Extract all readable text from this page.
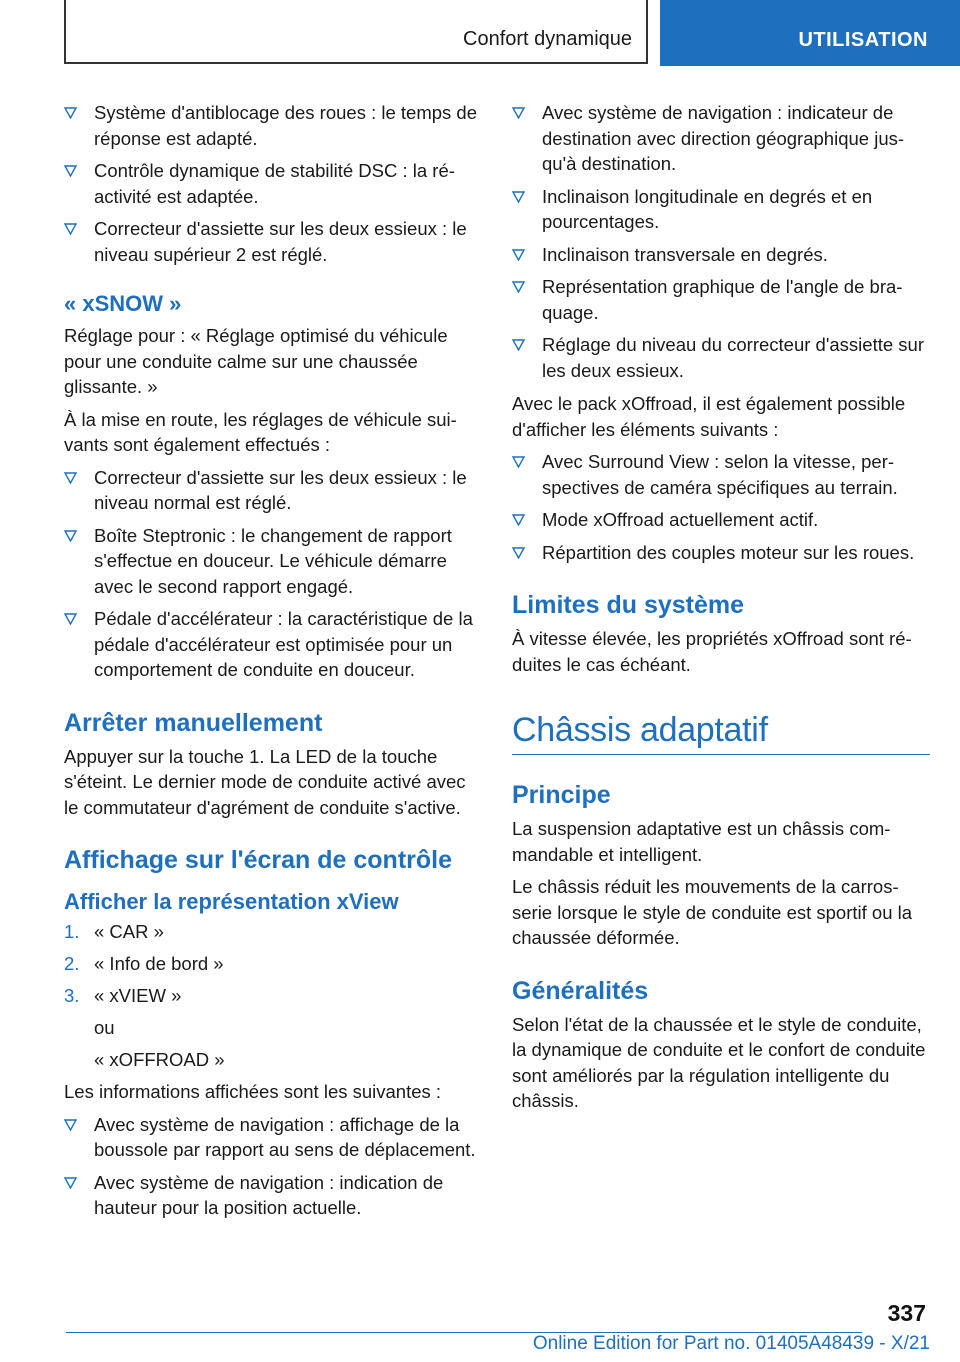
Confort dynamique	UTILISATION
Système d'antiblocage des roues : le temps de réponse est adapté.
Contrôle dynamique de stabilité DSC : la réactivité est adaptée.
Correcteur d'assiette sur les deux essieux : le niveau supérieur 2 est réglé.
« xSNOW »

Réglage pour : « Réglage optimisé du véhicule pour une conduite calme sur une chaussée glissante. »

À la mise en route, les réglages de véhicule suivants sont également effectués :

Correcteur d'assiette sur les deux essieux : le niveau normal est réglé.
Boîte Steptronic : le changement de rapport s'effectue en douceur. Le véhicule démarre avec le second rapport engagé.
Pédale d'accélérateur : la caractéristique de la pédale d'accélérateur est optimisée pour un comportement de conduite en douceur.
Arrêter manuellement

Appuyer sur la touche 1. La LED de la touche s'éteint. Le dernier mode de conduite activé avec le commutateur d'agrément de conduite s'active.

Affichage sur l'écran de contrôle
Afficher la représentation xView
1. « CAR »
2. « Info de bord »
3. « xVIEW »
ou
« xOFFROAD »

Les informations affichées sont les suivantes :

Avec système de navigation : affichage de la boussole par rapport au sens de déplacement.
Avec système de navigation : indication de hauteur pour la position actuelle.
Avec système de navigation : indicateur de destination avec direction géographique jusqu'à destination.
Inclinaison longitudinale en degrés et en pourcentages.
Inclinaison transversale en degrés.
Représentation graphique de l'angle de braquage.
Réglage du niveau du correcteur d'assiette sur les deux essieux.

Avec le pack xOffroad, il est également possible d'afficher les éléments suivants :

Avec Surround View : selon la vitesse, perspectives de caméra spécifiques au terrain.
Mode xOffroad actuellement actif.
Répartition des couples moteur sur les roues.
Limites du système

À vitesse élevée, les propriétés xOffroad sont réduites le cas échéant.

Châssis adaptatif
Principe

La suspension adaptative est un châssis commandable et intelligent.

Le châssis réduit les mouvements de la carrosserie lorsque le style de conduite est sportif ou la chaussée déformée.

Généralités

Selon l'état de la chaussée et le style de conduite, la dynamique de conduite et le confort de conduite sont améliorés par la régulation intelligente du châssis.

337
Online Edition for Part no. 01405A48439 - X/21
